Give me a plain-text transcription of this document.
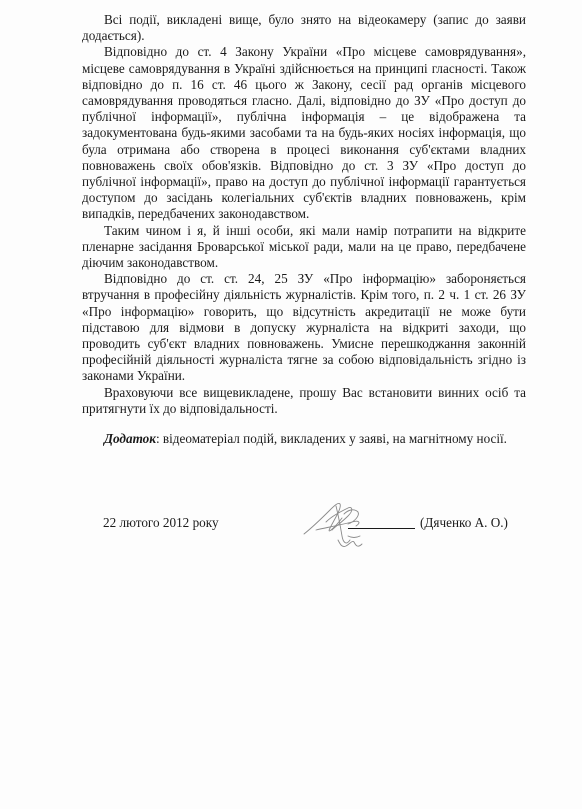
Всі події, викладені вище, було знято на відеокамеру (запис до заяви додається).

Відповідно до ст. 4 Закону України «Про місцеве самоврядування», місцеве самоврядування в Україні здійснюється на принципі гласності. Також відповідно до п. 16 ст. 46 цього ж Закону, сесії рад органів місцевого самоврядування проводяться гласно. Далі, відповідно до ЗУ «Про доступ до публічної інформації», публічна інформація – це відображена та задокументована будь-якими засобами та на будь-яких носіях інформація, що була отримана або створена в процесі виконання суб'єктами владних повноважень своїх обов'язків. Відповідно до ст. 3 ЗУ «Про доступ до публічної інформації», право на доступ до публічної інформації гарантується доступом до засідань колегіальних суб'єктів владних повноважень, крім випадків, передбачених законодавством.

Таким чином і я, й інші особи, які мали намір потрапити на відкрите пленарне засідання Броварської міської ради, мали на це право, передбачене діючим законодавством.

Відповідно до ст. ст. 24, 25 ЗУ «Про інформацію» забороняється втручання в професійну діяльність журналістів. Крім того, п. 2 ч. 1 ст. 26 ЗУ «Про інформацію» говорить, що відсутність акредитації не може бути підставою для відмови в допуску журналіста на відкриті заходи, що проводить суб'єкт владних повноважень. Умисне перешкоджання законній професійній діяльності журналіста тягне за собою відповідальність згідно із законами України.

Враховуючи все вищевикладене, прошу Вас встановити винних осіб та притягнути їх до відповідальності.

Додаток: відеоматеріал подій, викладених у заяві, на магнітному носії.

22 лютого 2012 року	(Дяченко А. О.)
